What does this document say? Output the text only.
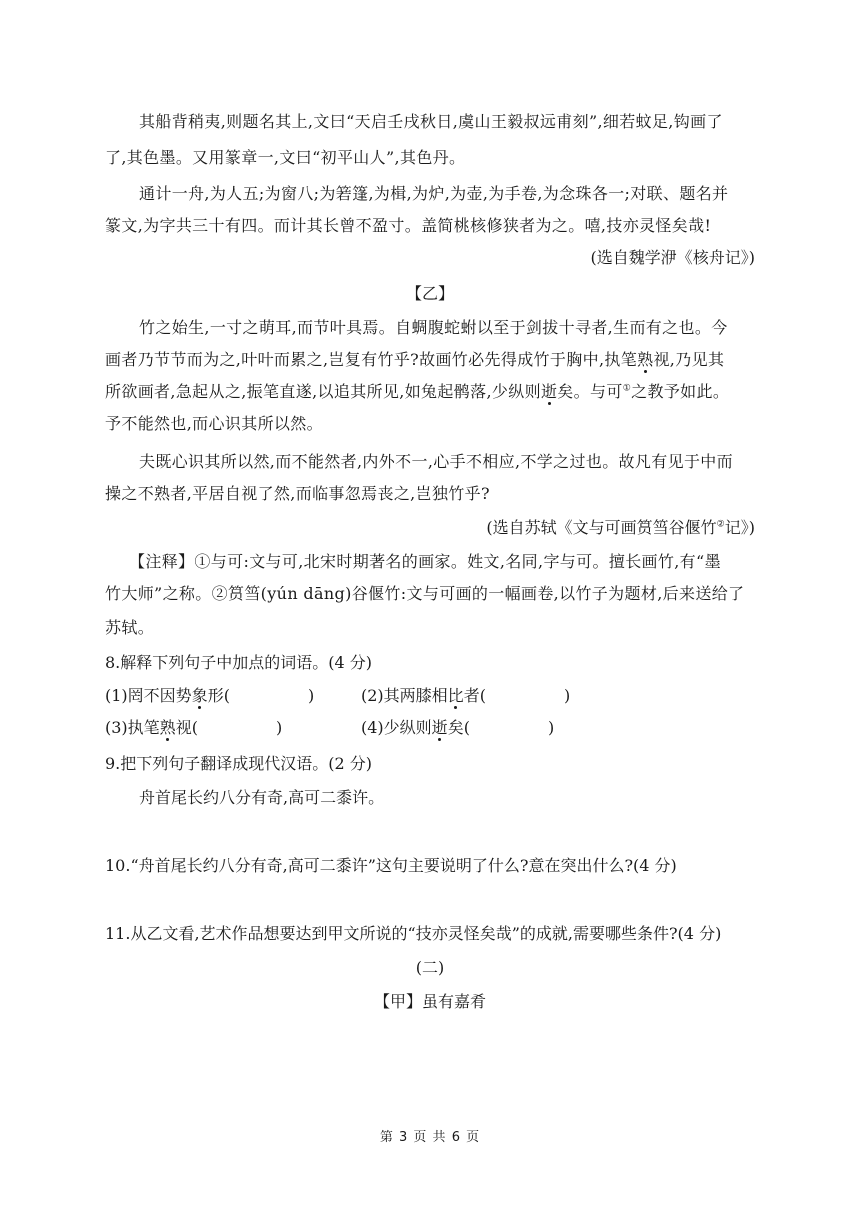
其船背稍夷,则题名其上,文曰“天启壬戌秋日,虞山王毅叔远甫刻”,细若蚊足,钩画了
了,其色墨。又用篆章一,文曰“初平山人”,其色丹。
通计一舟,为人五;为窗八;为箬篷,为楫,为炉,为壶,为手卷,为念珠各一;对联、题名并
篆文,为字共三十有四。而计其长曾不盈寸。盖简桃核修狭者为之。嘻,技亦灵怪矣哉!
(选自魏学洢《核舟记》)
【乙】
竹之始生,一寸之萌耳,而节叶具焉。自蜩腹蛇蚹以至于剑拔十寻者,生而有之也。今
画者乃节节而为之,叶叶而累之,岂复有竹乎?故画竹必先得成竹于胸中,执笔熟视,乃见其
所欲画者,急起从之,振笔直遂,以追其所见,如兔起鹘落,少纵则逝矣。与可①之教予如此。
予不能然也,而心识其所以然。
夫既心识其所以然,而不能然者,内外不一,心手不相应,不学之过也。故凡有见于中而
操之不熟者,平居自视了然,而临事忽焉丧之,岂独竹乎?
(选自苏轼《文与可画筼筜谷偃竹②记》)
【注释】①与可:文与可,北宋时期著名的画家。姓文,名同,字与可。擅长画竹,有“墨
竹大师”之称。②筼筜(yún dāng)谷偃竹:文与可画的一幅画卷,以竹子为题材,后来送给了
苏轼。
8.解释下列句子中加点的词语。(4 分)
(1)罔不因势象形(	)	(2)其两膝相比者(	)
(3)执笔熟视(	)	(4)少纵则逝矣(	)
9.把下列句子翻译成现代汉语。(2 分)
舟首尾长约八分有奇,高可二黍许。
10.“舟首尾长约八分有奇,高可二黍许”这句主要说明了什么?意在突出什么?(4 分)
11.从乙文看,艺术作品想要达到甲文所说的“技亦灵怪矣哉”的成就,需要哪些条件?(4 分)
(二)
【甲】虽有嘉肴
第 3 页 共 6 页
